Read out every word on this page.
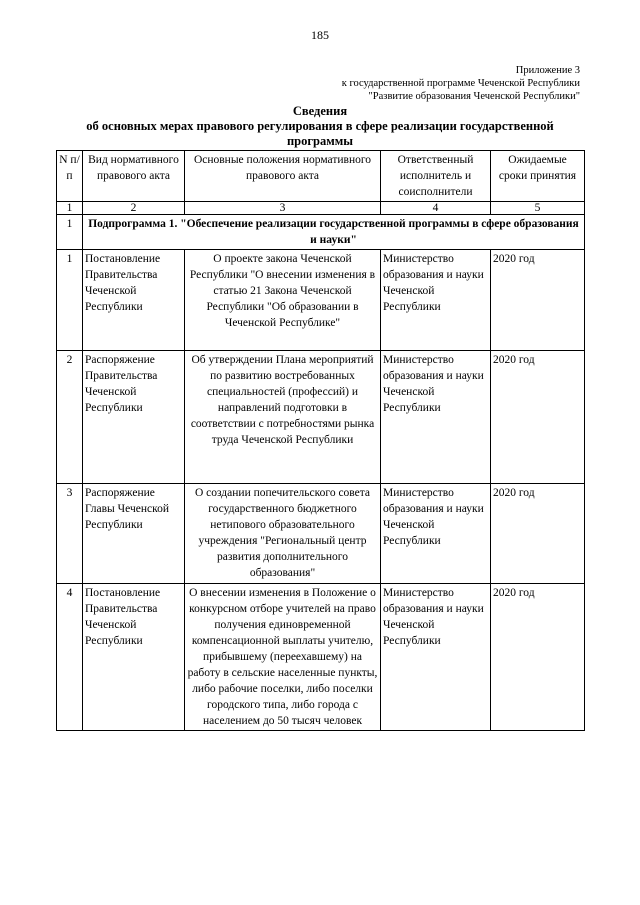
185
Приложение 3
к государственной программе Чеченской Республики
"Развитие образования Чеченской Республики"
Сведения
об основных мерах правового регулирования в сфере реализации государственной программы
N п/п	Вид нормативного правового акта	Основные положения нормативного правового акта	Ответственный исполнитель и соисполнители	Ожидаемые сроки принятия
1	2	3	4	5
1	Подпрограмма 1. "Обеспечение реализации государственной программы в сфере образования и науки"			
1	Постановление Правительства Чеченской Республики	О проекте закона Чеченской Республики "О внесении изменения в статью 21 Закона Чеченской Республики "Об образовании в Чеченской Республике"	Министерство образования и науки Чеченской Республики	2020 год
2	Распоряжение Правительства Чеченской Республики	Об утверждении Плана мероприятий по развитию востребованных специальностей (профессий) и направлений подготовки в соответствии с потребностями рынка труда Чеченской Республики	Министерство образования и науки Чеченской Республики	2020 год
3	Распоряжение Главы Чеченской Республики	О создании попечительского совета государственного бюджетного нетипового образовательного учреждения "Региональный центр развития дополнительного образования"	Министерство образования и науки Чеченской Республики	2020 год
4	Постановление Правительства Чеченской Республики	О внесении изменения в Положение о конкурсном отборе учителей на право получения единовременной компенсационной выплаты учителю, прибывшему (переехавшему) на работу в сельские населенные пункты, либо рабочие поселки, либо поселки городского типа, либо города с населением до 50 тысяч человек	Министерство образования и науки Чеченской Республики	2020 год
